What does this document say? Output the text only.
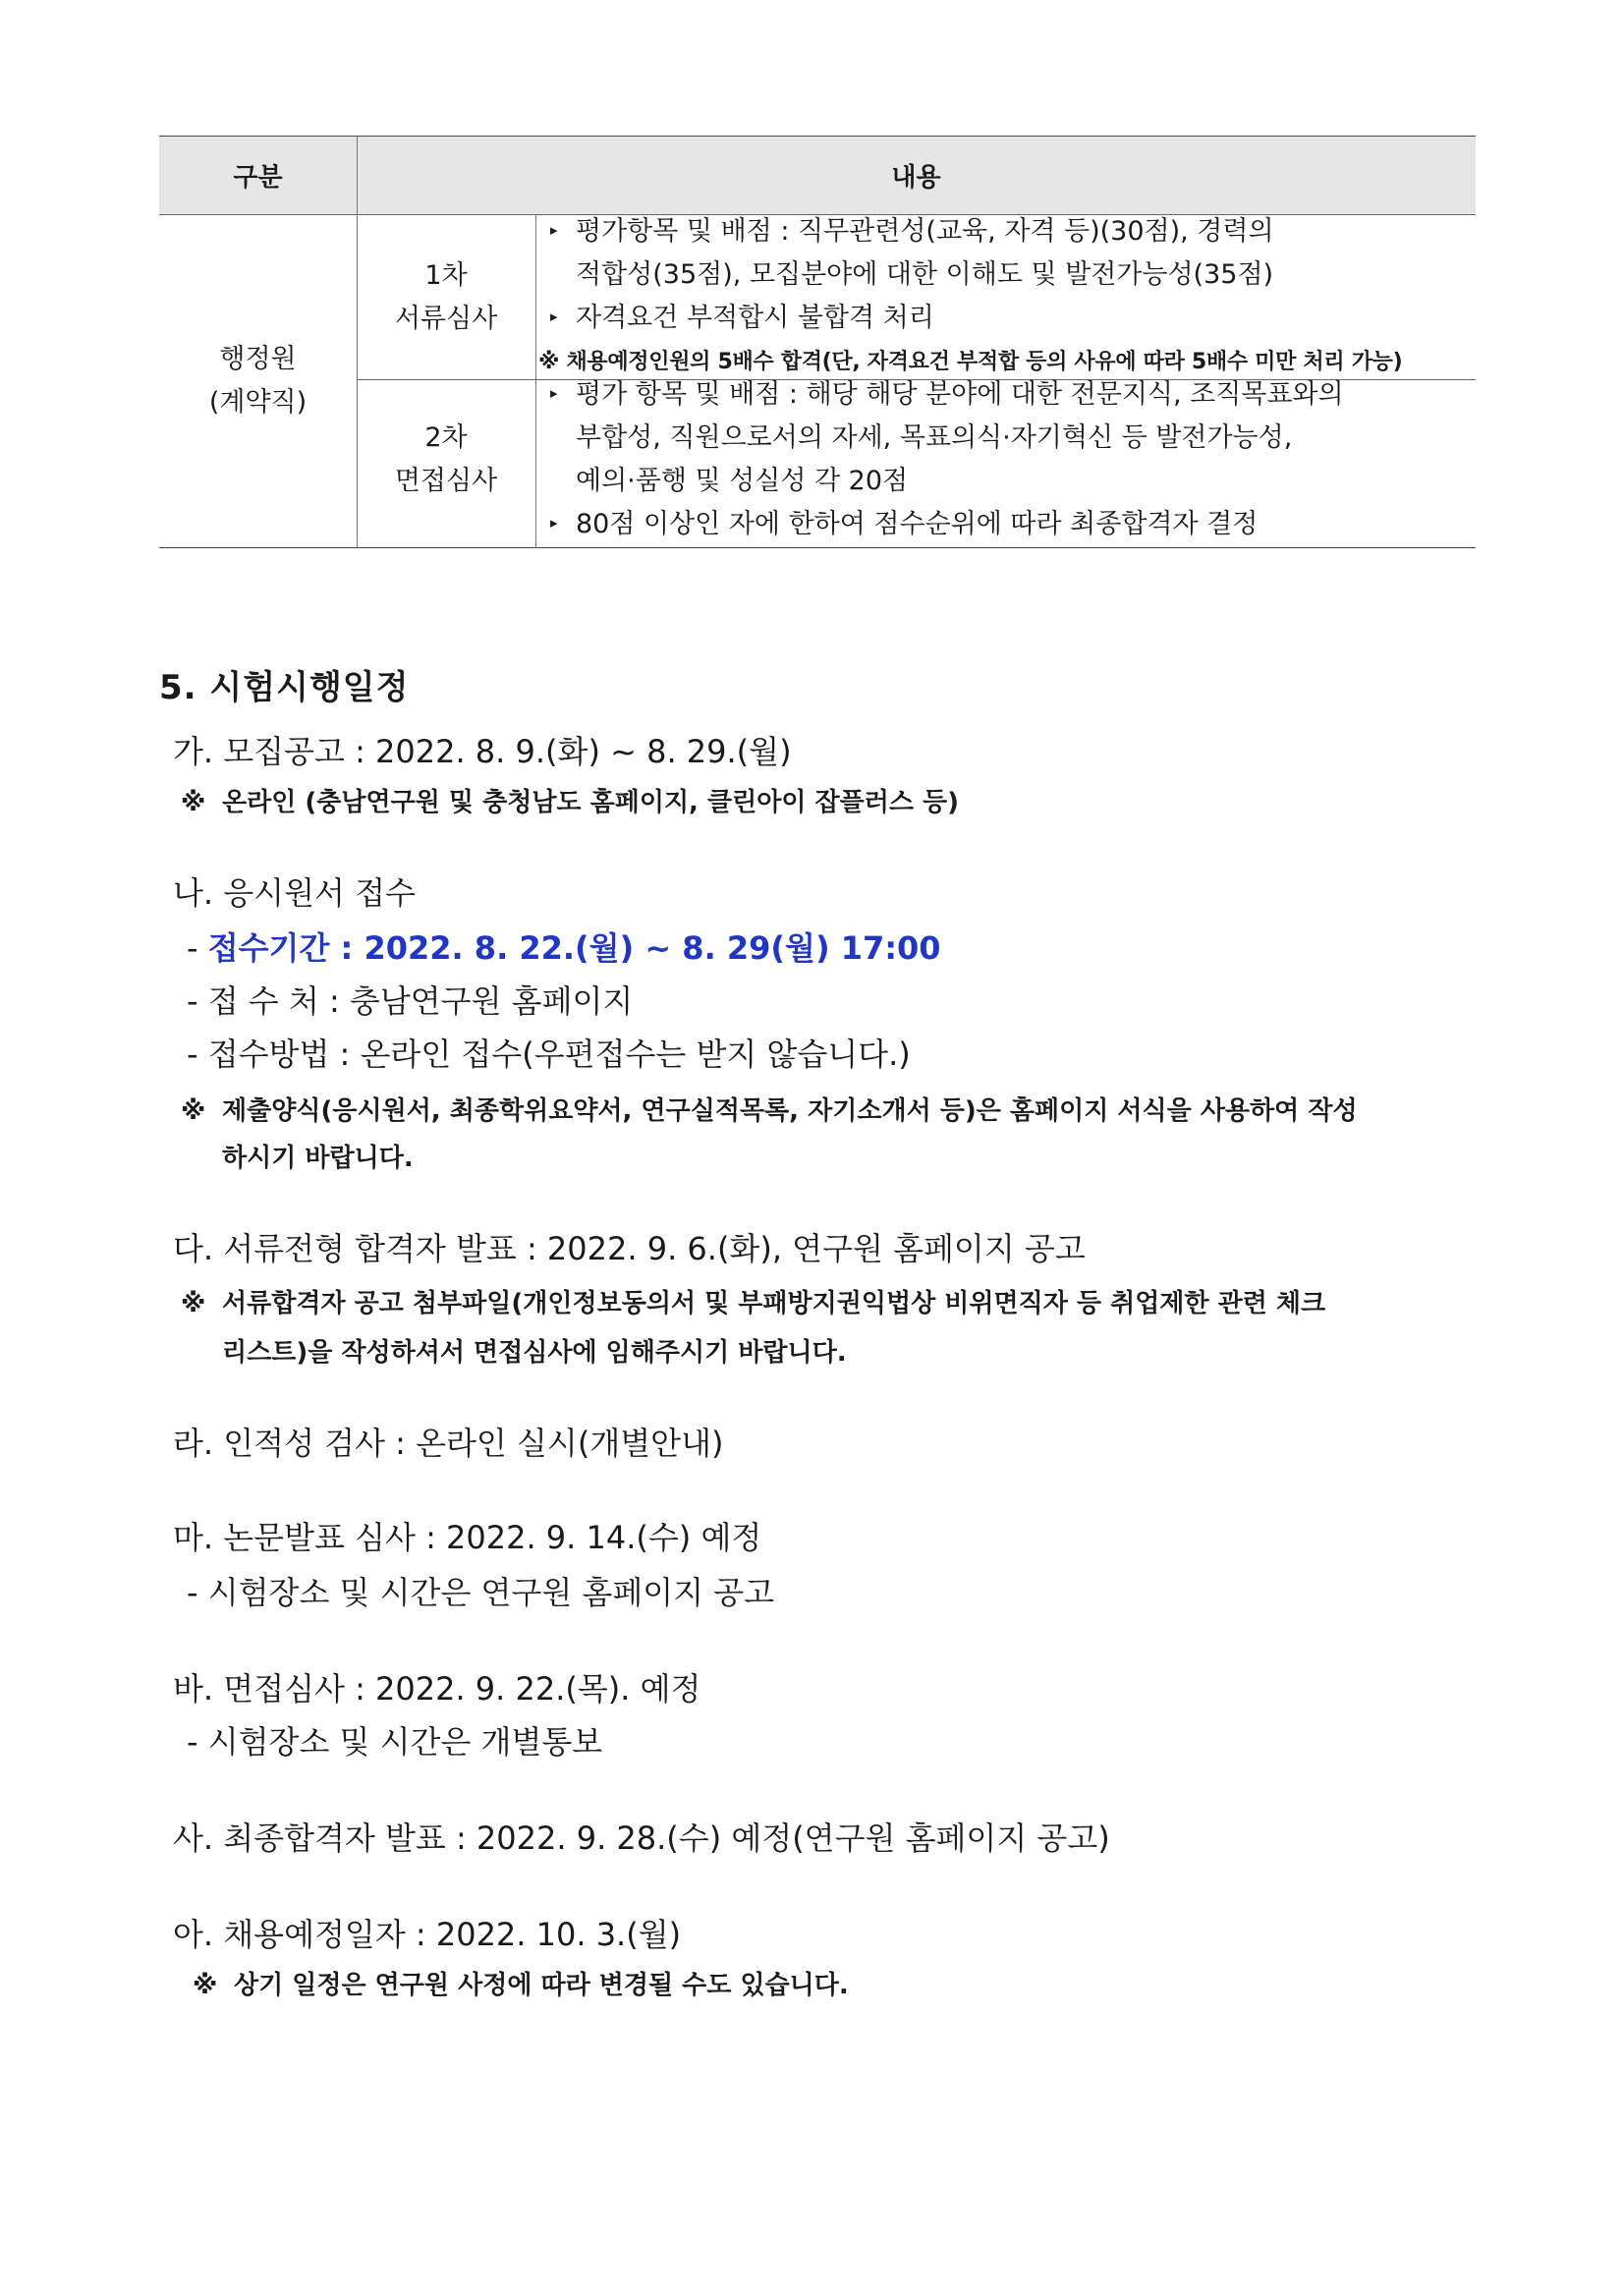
구분	내용
행정원
(계약직)
1차
서류심사
2차
면접심사
▸ 평가항목 및 배점 : 직무관련성(교육, 자격 등)(30점), 경력의
적합성(35점), 모집분야에 대한 이해도 및 발전가능성(35점)
▸ 자격요건 부적합시 불합격 처리
※ 채용예정인원의 5배수 합격(단, 자격요건 부적합 등의 사유에 따라 5배수 미만 처리 가능)
▸ 평가 항목 및 배점 : 해당 해당 분야에 대한 전문지식, 조직목표와의
부합성, 직원으로서의 자세, 목표의식·자기혁신 등 발전가능성,
예의·품행 및 성실성 각 20점
▸ 80점 이상인 자에 한하여 점수순위에 따라 최종합격자 결정
5. 시험시행일정
가. 모집공고 : 2022. 8. 9.(화) ~ 8. 29.(월)
※ 온라인 (충남연구원 및 충청남도 홈페이지, 클린아이 잡플러스 등)
나. 응시원서 접수
- 접수기간 : 2022. 8. 22.(월) ~ 8. 29(월) 17:00
- 접 수 처 : 충남연구원 홈페이지
- 접수방법 : 온라인 접수(우편접수는 받지 않습니다.)
※ 제출양식(응시원서, 최종학위요약서, 연구실적목록, 자기소개서 등)은 홈페이지 서식을 사용하여 작성
하시기 바랍니다.
다. 서류전형 합격자 발표 : 2022. 9. 6.(화), 연구원 홈페이지 공고
※ 서류합격자 공고 첨부파일(개인정보동의서 및 부패방지권익법상 비위면직자 등 취업제한 관련 체크
리스트)을 작성하셔서 면접심사에 임해주시기 바랍니다.
라. 인적성 검사 : 온라인 실시(개별안내)
마. 논문발표 심사 : 2022. 9. 14.(수) 예정
- 시험장소 및 시간은 연구원 홈페이지 공고
바. 면접심사 : 2022. 9. 22.(목). 예정
- 시험장소 및 시간은 개별통보
사. 최종합격자 발표 : 2022. 9. 28.(수) 예정(연구원 홈페이지 공고)
아. 채용예정일자 : 2022. 10. 3.(월)
※ 상기 일정은 연구원 사정에 따라 변경될 수도 있습니다.
